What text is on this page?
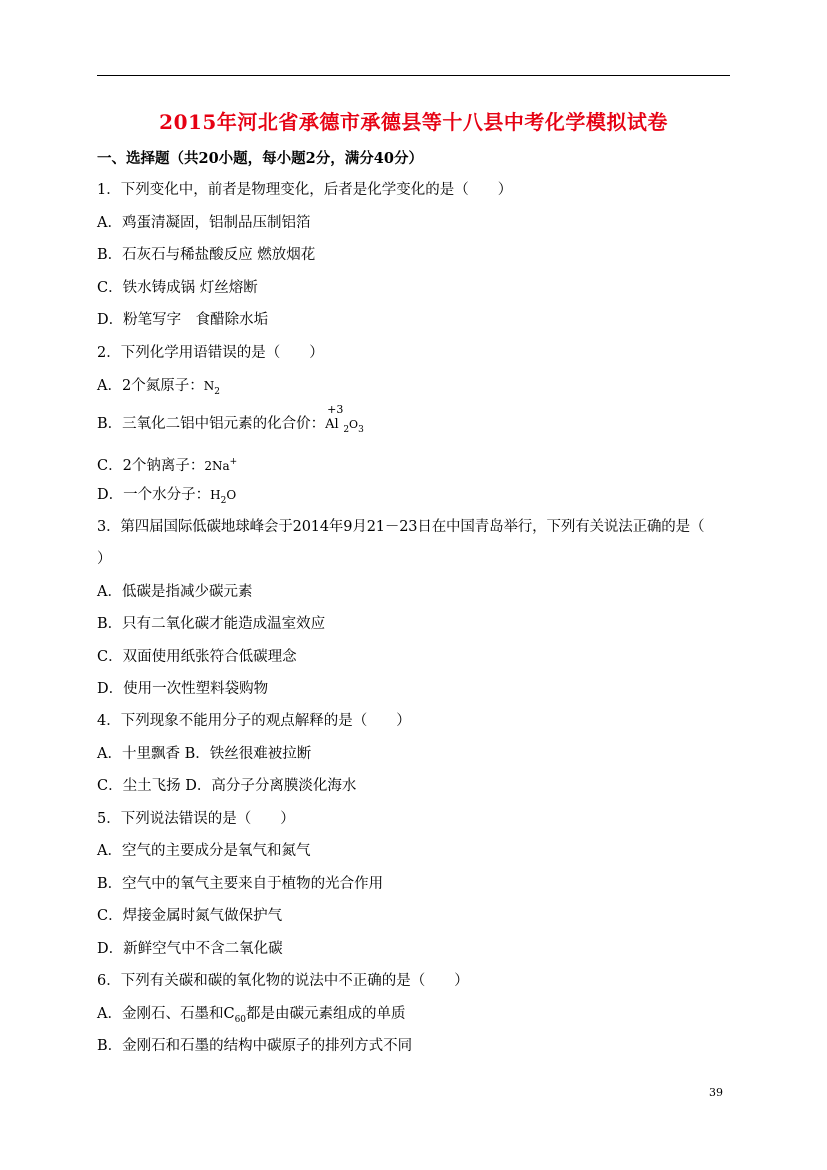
2015年河北省承德市承德县等十八县中考化学模拟试卷
一、选择题（共20小题，每小题2分，满分40分）
1．下列变化中，前者是物理变化，后者是化学变化的是（　　）
A．鸡蛋清凝固，铝制品压制铝箔
B．石灰石与稀盐酸反应 燃放烟花
C．铁水铸成锅 灯丝熔断
D．粉笔写字　食醋除水垢
2．下列化学用语错误的是（　　）
A．2个氮原子：$N_2$
B．三氧化二铝中铝元素的化合价：
+3
Al $_2O_3$
C．2个钠离子：2Na+
D．一个水分子：$H_2O$
3．第四届国际低碳地球峰会于2014年9月21－23日在中国青岛举行，下列有关说法正确的是（
）
A．低碳是指减少碳元素
B．只有二氧化碳才能造成温室效应
C．双面使用纸张符合低碳理念
D．使用一次性塑料袋购物
4．下列现象不能用分子的观点解释的是（　　）
A．十里飘香 B．铁丝很难被拉断
C．尘土飞扬 D．高分子分离膜淡化海水
5．下列说法错误的是（　　）
A．空气的主要成分是氧气和氮气
B．空气中的氧气主要来自于植物的光合作用
C．焊接金属时氮气做保护气
D．新鲜空气中不含二氧化碳
6．下列有关碳和碳的氧化物的说法中不正确的是（　　）
A．金刚石、石墨和$C_{60}$都是由碳元素组成的单质
B．金刚石和石墨的结构中碳原子的排列方式不同
39
